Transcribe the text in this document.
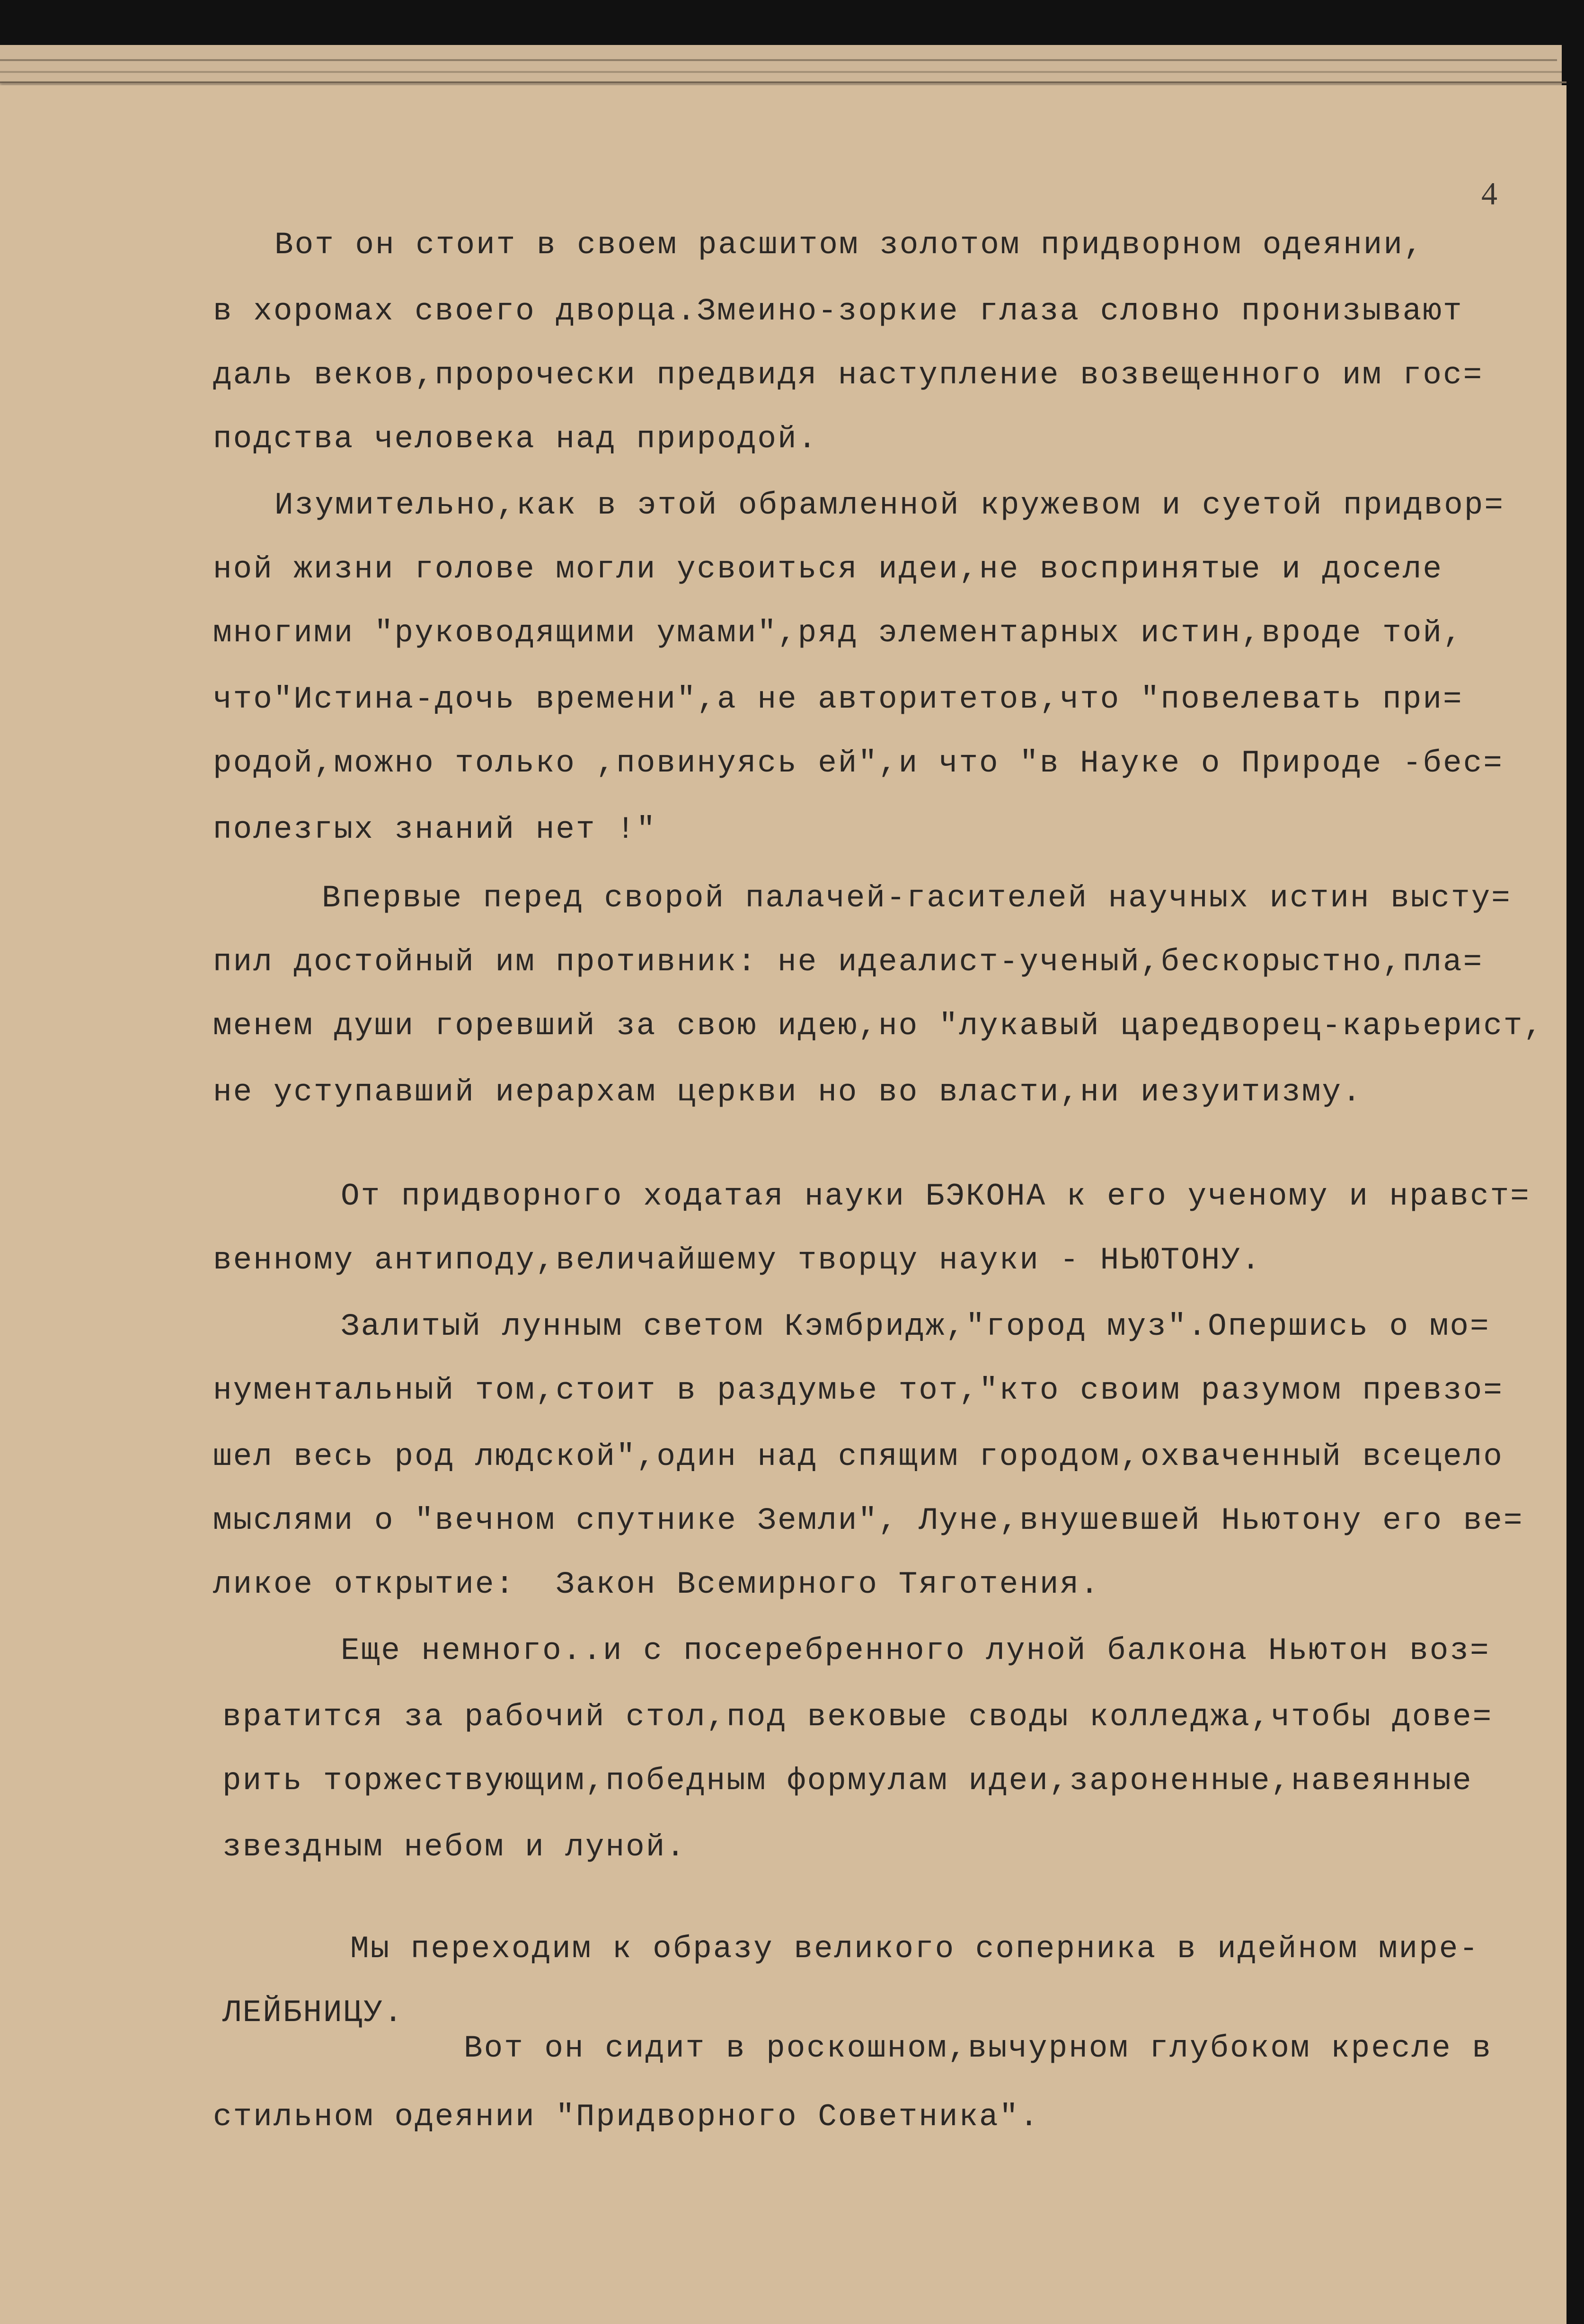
4
Вот он стоит в своем расшитом золотом придворном одеянии,
в хоромах своего дворца.Змеино-зоркие глаза словно пронизывают
даль веков,пророчески предвидя наступление возвещенного им гос=
подства человека над природой.
Изумительно,как в этой обрамленной кружевом и суетой придвор=
ной жизни голове могли усвоиться идеи,не воспринятые и доселе
многими "руководящими умами",ряд элементарных истин,вроде той,
что"Истина-дочь времени",а не авторитетов,что "повелевать при=
родой,можно только ,повинуясь ей",и что "в Науке о Природе -бес=
полезгых знаний нет !"
Впервые перед сворой палачей-гасителей научных истин высту=
пил достойный им противник: не идеалист-ученый,бескорыстно,пла=
менем души горевший за свою идею,но "лукавый царедворец-карьерист,
не уступавший иерархам церкви но во власти,ни иезуитизму.
От придворного ходатая науки БЭКОНА к его ученому и нравст=
венному антиподу,величайшему творцу науки - НЬЮТОНУ.
Залитый лунным светом Кэмбридж,"город муз".Опершись о мо=
нументальный том,стоит в раздумье тот,"кто своим разумом превзо=
шел весь род людской",один над спящим городом,охваченный всецело
мыслями о "вечном спутнике Земли", Луне,внушевшей Ньютону его ве=
ликое открытие:  Закон Всемирного Тяготения.
Еще немного..и с посеребренного луной балкона Ньютон воз=
вратится за рабочий стол,под вековые своды колледжа,чтобы дове=
рить торжествующим,победным формулам идеи,зароненные,навеянные
звездным небом и луной.
Мы переходим к образу великого соперника в идейном мире-
ЛЕЙБНИЦУ.
Вот он сидит в роскошном,вычурном глубоком кресле в
стильном одеянии "Придворного Советника".
